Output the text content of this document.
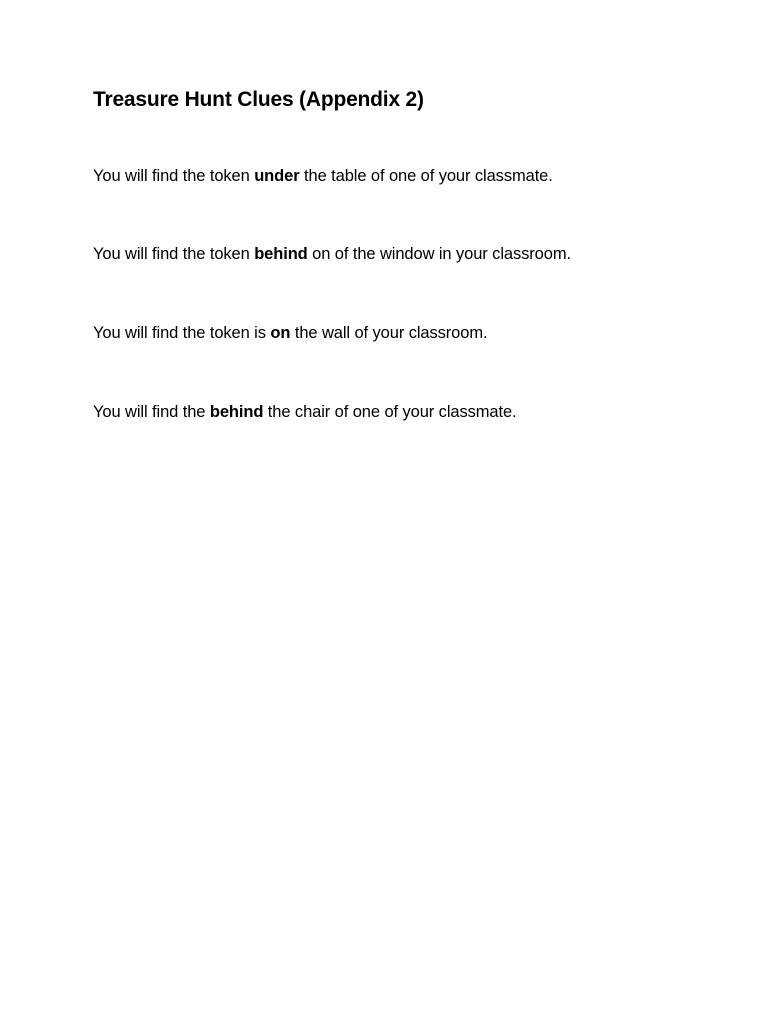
Treasure Hunt Clues (Appendix 2)

You will find the token under the table of one of your classmate.

You will find the token behind on of the window in your classroom.

You will find the token is on the wall of your classroom.

You will find the behind the chair of one of your classmate.
